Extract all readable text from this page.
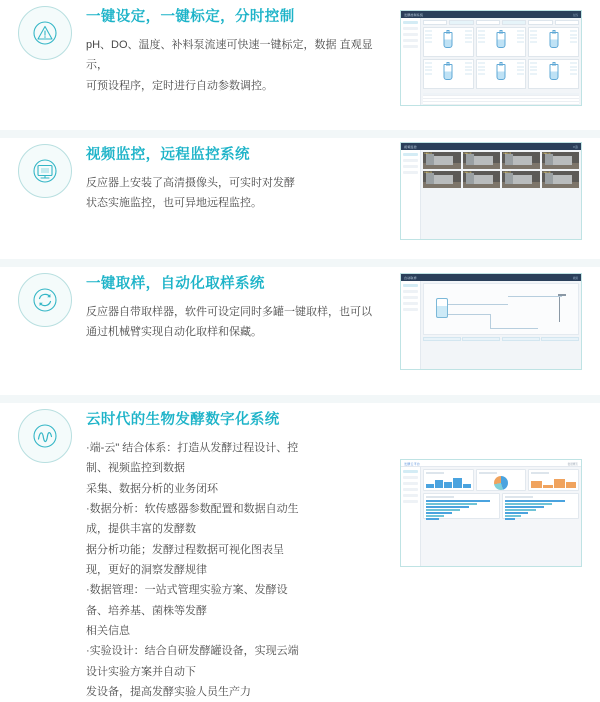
一键设定，一键标定，分时控制

pH、DO、温度、补料泵流速可快速一键标定，数据 直观显示，

可预设程序，定时进行自动参数调控。

发酵控制系统	在线
视频监控，远程监控系统

反应器上安装了高清摄像头，可实时对发酵

状态实施监控，也可异地远程监控。

视频监控	8 路
CAM-01	CAM-02	CAM-03	CAM-04
CAM-05	CAM-06	CAM-07	CAM-08
一键取样，自动化取样系统

反应器自带取样器，软件可设定同时多罐一键取样，也可以

通过机械臂实现自动化取样和保藏。

自动取样	就绪
云时代的生物发酵数字化系统

·端-云" 结合体系：打造从发酵过程设计、控制、视频监控到数据

采集、数据分析的业务闭环

·数据分析：软传感器参数配置和数据自动生成，提供丰富的发酵数

据分析功能；发酵过程数据可视化图表呈现，更好的洞察发酵规律

·数据管理：一站式管理实验方案、发酵设备、培养基、菌株等发酵

相关信息

·实验设计：结合自研发酵罐设备，实现云端设计实验方案并自动下

发设备，提高发酵实验人员生产力

发酵云平台	数据概览
